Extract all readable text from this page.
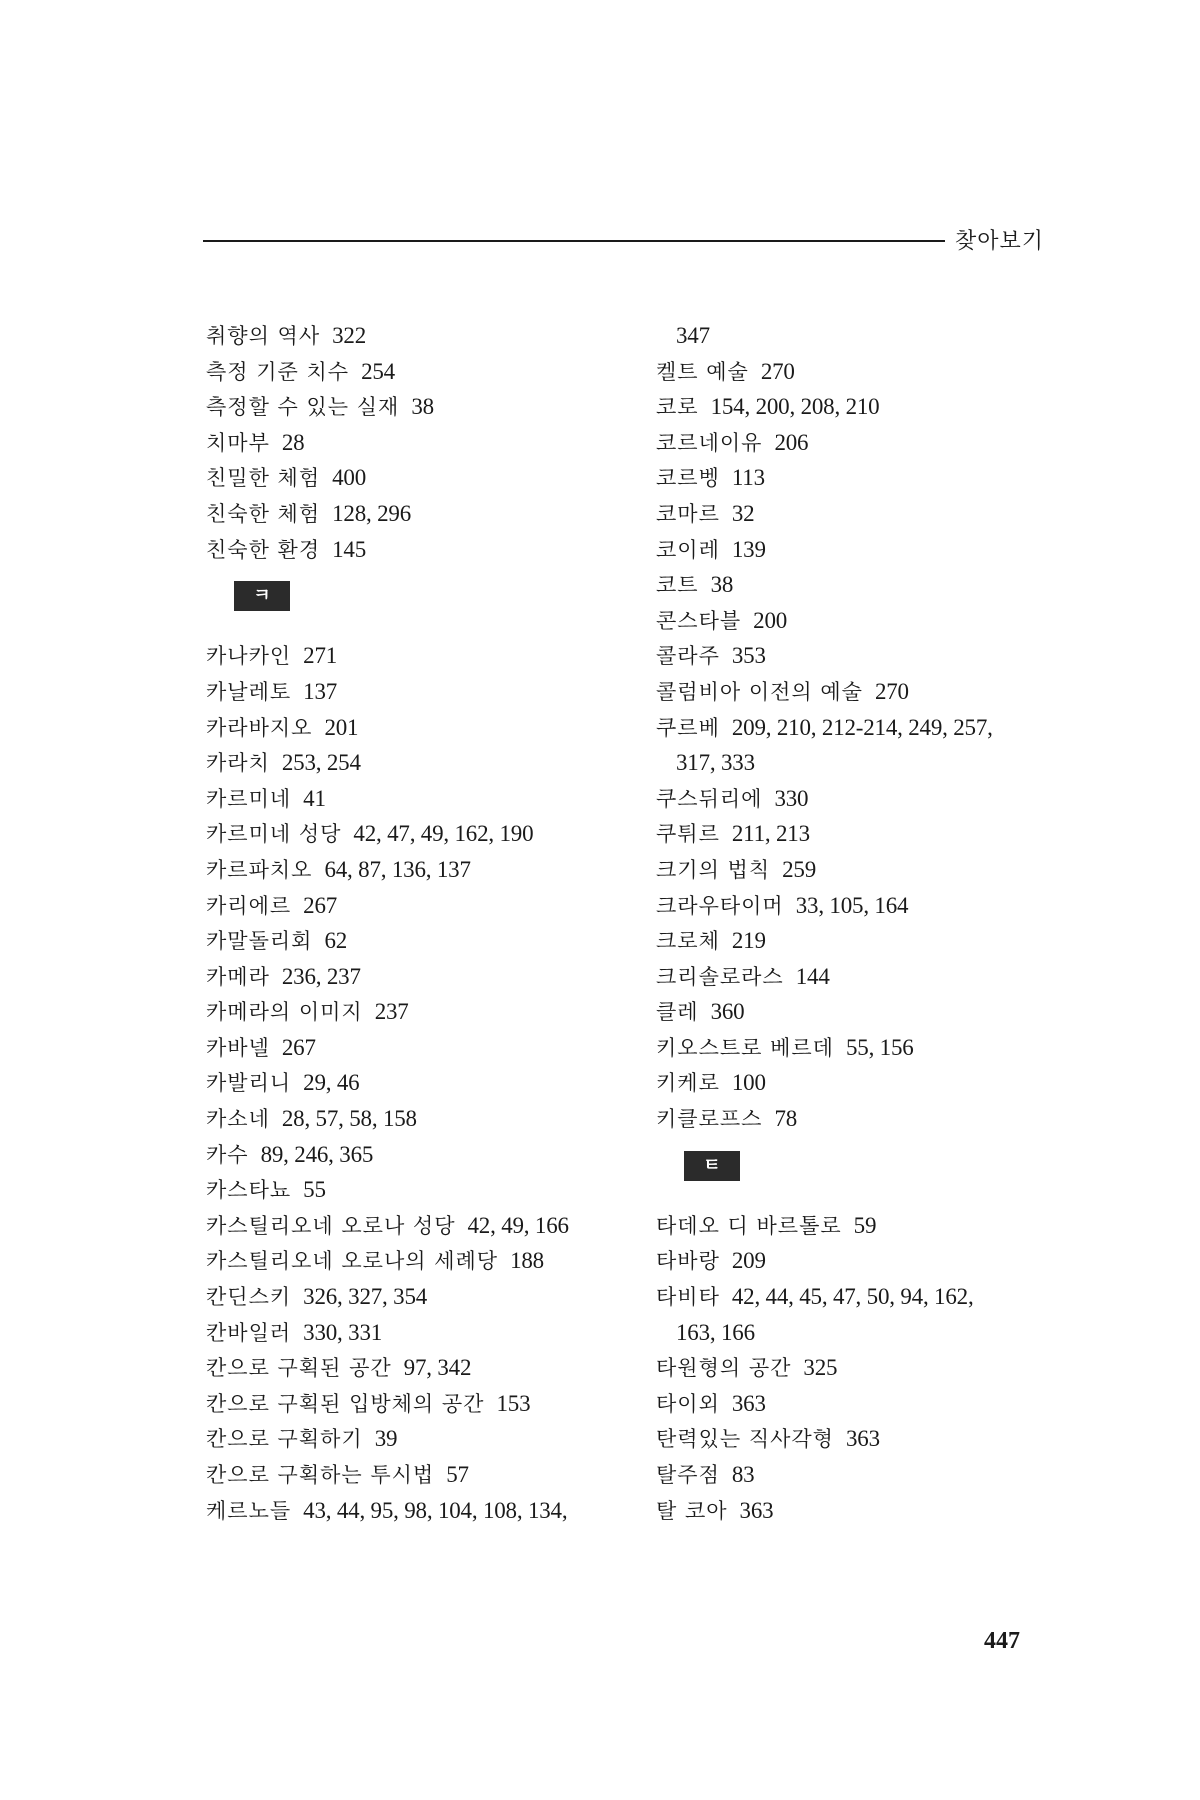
찾아보기
취향의 역사 322
측정 기준 치수 254
측정할 수 있는 실재 38
치마부 28
친밀한 체험 400
친숙한 체험 128, 296
친숙한 환경 145
ㅋ
카나카인 271
카날레토 137
카라바지오 201
카라치 253, 254
카르미네 41
카르미네 성당 42, 47, 49, 162, 190
카르파치오 64, 87, 136, 137
카리에르 267
카말돌리회 62
카메라 236, 237
카메라의 이미지 237
카바넬 267
카발리니 29, 46
카소네 28, 57, 58, 158
카수 89, 246, 365
카스타뇨 55
카스틸리오네 오로나 성당 42, 49, 166
카스틸리오네 오로나의 세례당 188
칸딘스키 326, 327, 354
칸바일러 330, 331
칸으로 구획된 공간 97, 342
칸으로 구획된 입방체의 공간 153
칸으로 구획하기 39
칸으로 구획하는 투시법 57
케르노들 43, 44, 95, 98, 104, 108, 134,
347
켈트 예술 270
코로 154, 200, 208, 210
코르네이유 206
코르벵 113
코마르 32
코이레 139
코트 38
콘스타블 200
콜라주 353
콜럼비아 이전의 예술 270
쿠르베 209, 210, 212-214, 249, 257,
317, 333
쿠스뒤리에 330
쿠튀르 211, 213
크기의 법칙 259
크라우타이머 33, 105, 164
크로체 219
크리솔로라스 144
클레 360
키오스트로 베르데 55, 156
키케로 100
키클로프스 78
ㅌ
타데오 디 바르톨로 59
타바랑 209
타비타 42, 44, 45, 47, 50, 94, 162,
163, 166
타원형의 공간 325
타이외 363
탄력있는 직사각형 363
탈주점 83
탈 코아 363
447
